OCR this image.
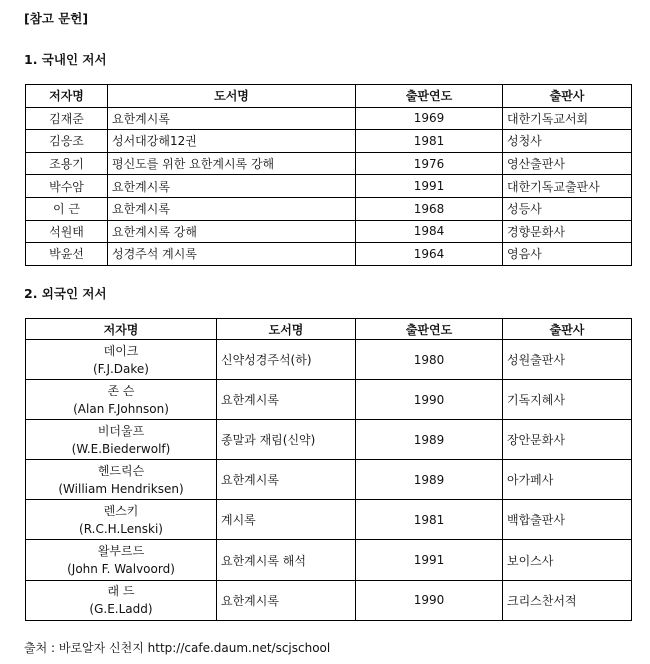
[참고 문헌]
1. 국내인 저서
저자명	도서명	출판연도	출판사
김재준	요한계시록	1969	대한기독교서회
김응조	성서대강해12권	1981	성청사
조용기	평신도를 위한 요한계시록 강해	1976	영산출판사
박수암	요한계시록	1991	대한기독교출판사
이 근	요한계시록	1968	성등사
석원태	요한계시록 강해	1984	경향문화사
박윤선	성경주석 계시록	1964	영음사
2. 외국인 저서
저자명	도서명	출판연도	출판사

데이크
(F.J.Dake)	신약성경주석(하)	1980	성원출판사

존 슨
(Alan F.Johnson)	요한계시록	1990	기독지혜사

비더울프
(W.E.Biederwolf)	종말과 재림(신약)	1989	장안문화사

헨드릭슨
(William Hendriksen)	요한계시록	1989	아가페사

렌스키
(R.C.H.Lenski)	계시록	1981	백합출판사

왈부르드
(John F. Walvoord)	요한계시록 해석	1991	보이스사

래 드
(G.E.Ladd)	요한계시록	1990	크리스찬서적
출처 : 바로알자 신천지 http://cafe.daum.net/scjschool
